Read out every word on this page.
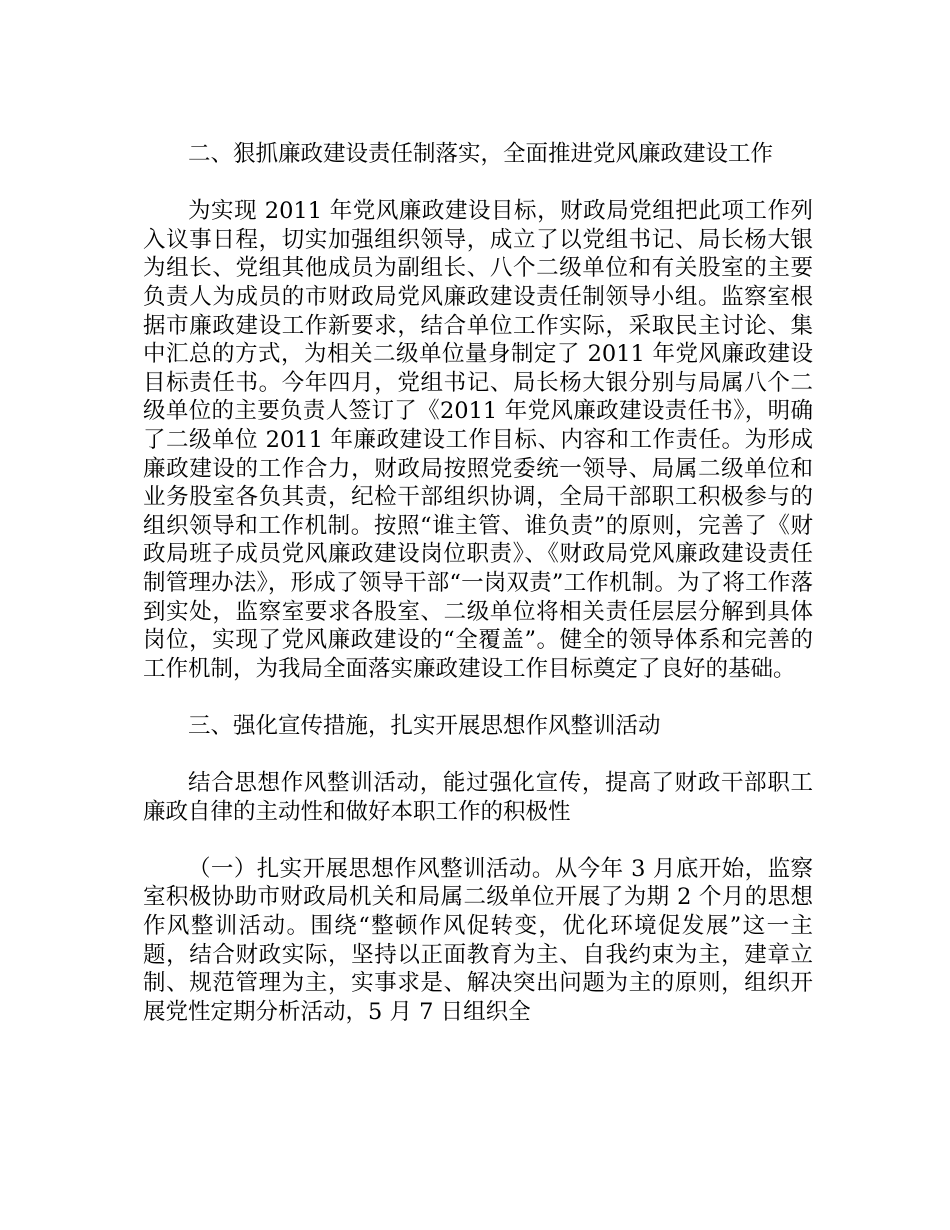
二、狠抓廉政建设责任制落实，全面推进党风廉政建设工作

为实现 2011 年党风廉政建设目标，财政局党组把此项工作列入议事日程，切实加强组织领导，成立了以党组书记、局长杨大银为组长、党组其他成员为副组长、八个二级单位和有关股室的主要负责人为成员的市财政局党风廉政建设责任制领导小组。监察室根据市廉政建设工作新要求，结合单位工作实际，采取民主讨论、集中汇总的方式，为相关二级单位量身制定了 2011 年党风廉政建设目标责任书。今年四月，党组书记、局长杨大银分别与局属八个二级单位的主要负责人签订了《2011 年党风廉政建设责任书》，明确了二级单位 2011 年廉政建设工作目标、内容和工作责任。为形成廉政建设的工作合力，财政局按照党委统一领导、局属二级单位和业务股室各负其责，纪检干部组织协调，全局干部职工积极参与的组织领导和工作机制。按照“谁主管、谁负责”的原则，完善了《财政局班子成员党风廉政建设岗位职责》、《财政局党风廉政建设责任制管理办法》，形成了领导干部“一岗双责”工作机制。为了将工作落到实处，监察室要求各股室、二级单位将相关责任层层分解到具体岗位，实现了党风廉政建设的“全覆盖”。健全的领导体系和完善的工作机制，为我局全面落实廉政建设工作目标奠定了良好的基础。

三、强化宣传措施，扎实开展思想作风整训活动

结合思想作风整训活动，能过强化宣传，提高了财政干部职工廉政自律的主动性和做好本职工作的积极性

（一）扎实开展思想作风整训活动。从今年 3 月底开始，监察室积极协助市财政局机关和局属二级单位开展了为期 2 个月的思想作风整训活动。围绕“整顿作风促转变，优化环境促发展”这一主题，结合财政实际，坚持以正面教育为主、自我约束为主，建章立制、规范管理为主，实事求是、解决突出问题为主的原则，组织开展党性定期分析活动，5 月 7 日组织全
